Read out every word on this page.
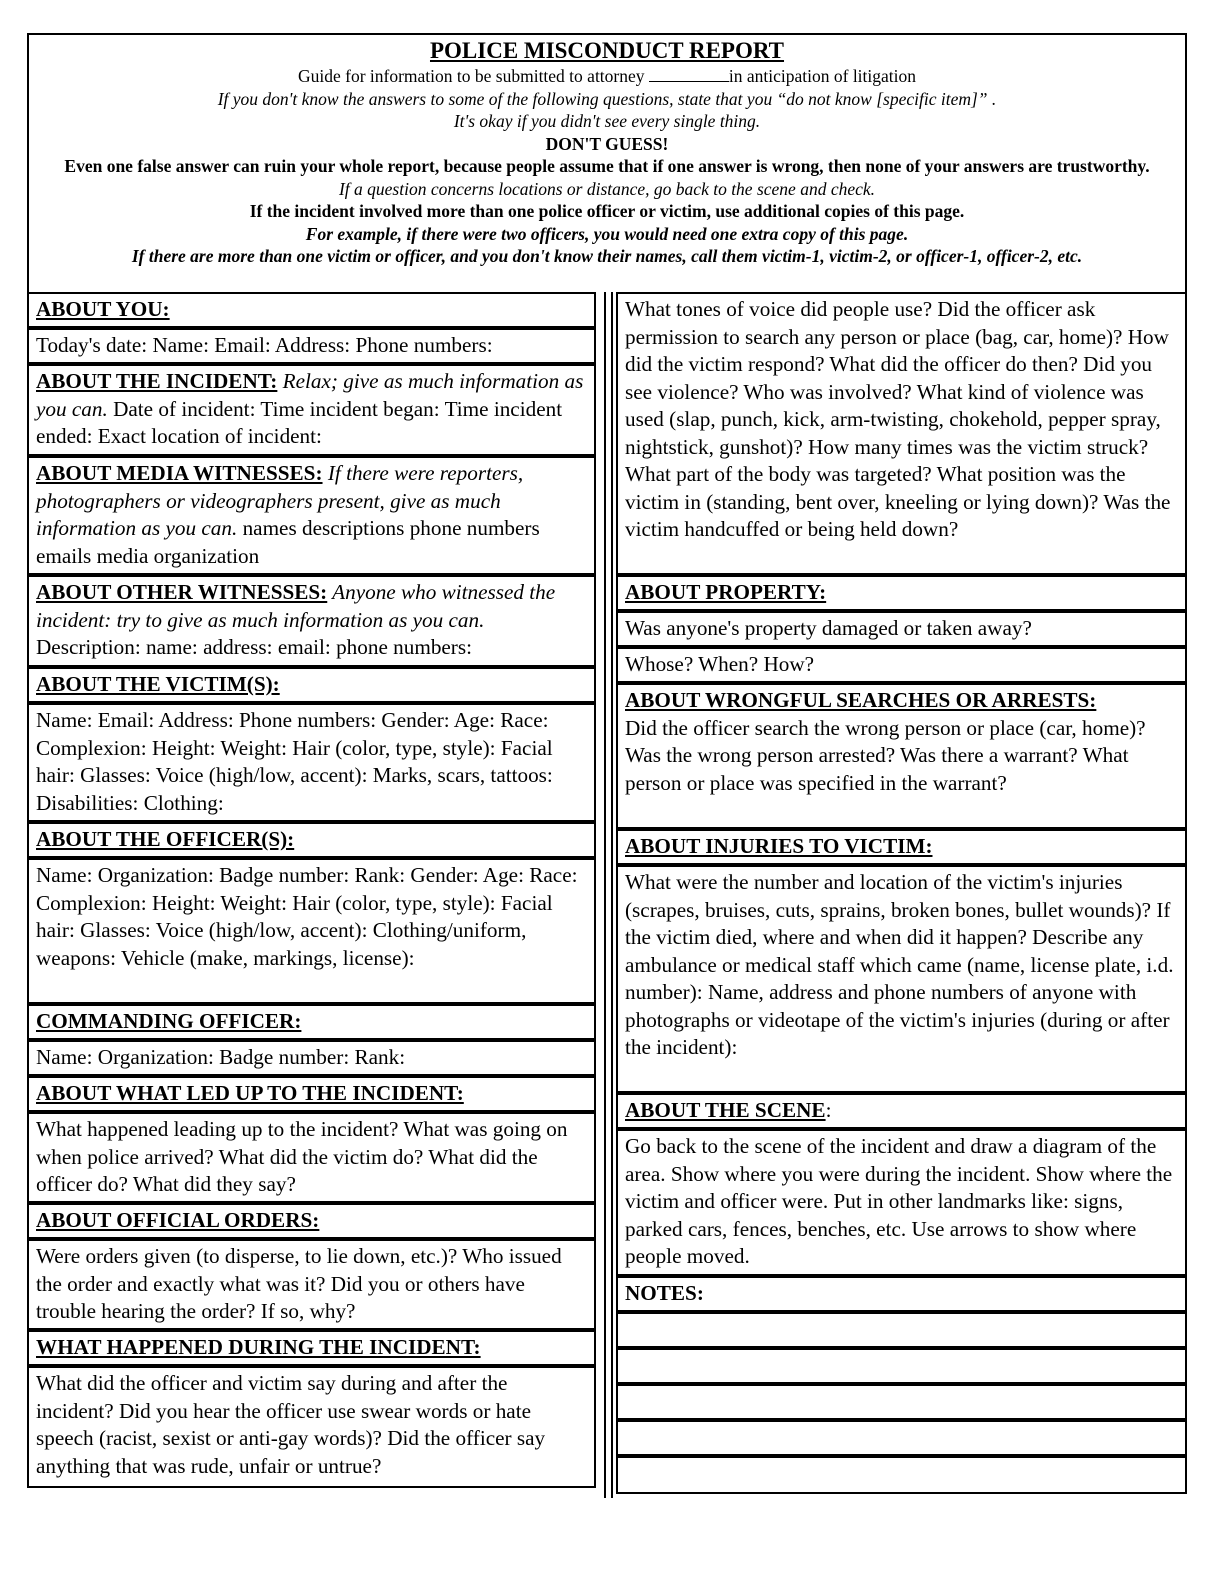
POLICE MISCONDUCT REPORT
Guide for information to be submitted to attorney	in anticipation of litigation
If you don't know the answers to some of the following questions, state that you “do not know [specific item]” .
It's okay if you didn't see every single thing.
DON'T GUESS!
Even one false answer can ruin your whole report, because people assume that if one answer is wrong, then none of your answers are trustworthy.
If a question concerns locations or distance, go back to the scene and check.
If the incident involved more than one police officer or victim, use additional copies of this page.
For example, if there were two officers, you would need one extra copy of this page.
If there are more than one victim or officer, and you don't know their names, call them victim-1, victim-2, or officer-1, officer-2, etc.
ABOUT YOU:
Today's date: Name: Email: Address: Phone numbers:
ABOUT THE INCIDENT: Relax; give as much information as you can. Date of incident: Time incident began: Time incident ended: Exact location of incident:
ABOUT MEDIA WITNESSES: If there were reporters, photographers or videographers present, give as much information as you can. names descriptions phone numbers emails media organization
ABOUT OTHER WITNESSES: Anyone who witnessed the incident: try to give as much information as you can. Description: name: address: email: phone numbers:
ABOUT THE VICTIM(S):
Name: Email: Address: Phone numbers: Gender: Age: Race: Complexion: Height: Weight: Hair (color, type, style): Facial hair: Glasses: Voice (high/low, accent): Marks, scars, tattoos: Disabilities: Clothing:
ABOUT THE OFFICER(S):
Name: Organization: Badge number: Rank: Gender: Age: Race: Complexion: Height: Weight: Hair (color, type, style): Facial hair: Glasses: Voice (high/low, accent): Clothing/uniform, weapons: Vehicle (make, markings, license):
COMMANDING OFFICER:
Name: Organization: Badge number: Rank:
ABOUT WHAT LED UP TO THE INCIDENT:
What happened leading up to the incident? What was going on when police arrived? What did the victim do? What did the officer do? What did they say?
ABOUT OFFICIAL ORDERS:
Were orders given (to disperse, to lie down, etc.)? Who issued the order and exactly what was it? Did you or others have trouble hearing the order? If so, why?
WHAT HAPPENED DURING THE INCIDENT:
What did the officer and victim say during and after the incident? Did you hear the officer use swear words or hate speech (racist, sexist or anti-gay words)? Did the officer say anything that was rude, unfair or untrue?
What tones of voice did people use? Did the officer ask permission to search any person or place (bag, car, home)? How did the victim respond? What did the officer do then? Did you see violence? Who was involved? What kind of violence was used (slap, punch, kick, arm-twisting, chokehold, pepper spray, nightstick, gunshot)? How many times was the victim struck? What part of the body was targeted? What position was the victim in (standing, bent over, kneeling or lying down)? Was the victim handcuffed or being held down?
ABOUT PROPERTY:
Was anyone's property damaged or taken away?
Whose? When? How?
ABOUT WRONGFUL SEARCHES OR ARRESTS:
Did the officer search the wrong person or place (car, home)? Was the wrong person arrested? Was there a warrant? What person or place was specified in the warrant?
ABOUT INJURIES TO VICTIM:
What were the number and location of the victim's injuries (scrapes, bruises, cuts, sprains, broken bones, bullet wounds)? If the victim died, where and when did it happen? Describe any ambulance or medical staff which came (name, license plate, i.d. number): Name, address and phone numbers of anyone with photographs or videotape of the victim's injuries (during or after the incident):
ABOUT THE SCENE:
Go back to the scene of the incident and draw a diagram of the area. Show where you were during the incident. Show where the victim and officer were. Put in other landmarks like: signs, parked cars, fences, benches, etc. Use arrows to show where people moved.
NOTES:
